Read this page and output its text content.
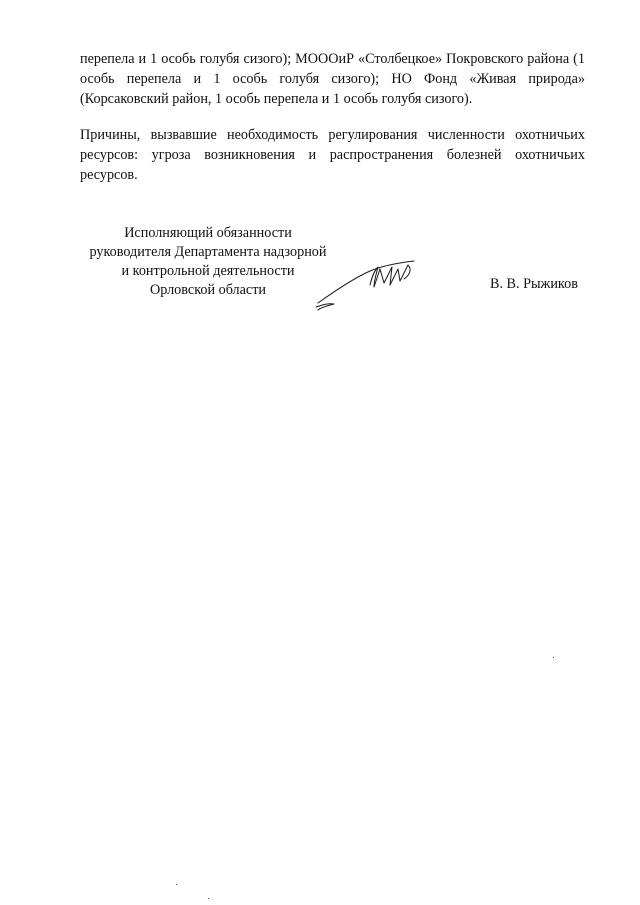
перепела и 1 особь голубя сизого); МОООиР «Столбецкое» Покровского района (1 особь перепела и 1 особь голубя сизого); НО Фонд «Живая природа» (Корсаковский район, 1 особь перепела и 1 особь голубя сизого).

Причины, вызвавшие необходимость регулирования численности охотничьих ресурсов: угроза возникновения и распространения болезней охотничьих ресурсов.

Исполняющий обязанности
руководителя Департамента надзорной
и контрольной деятельности
Орловской области	В. В. Рыжиков
